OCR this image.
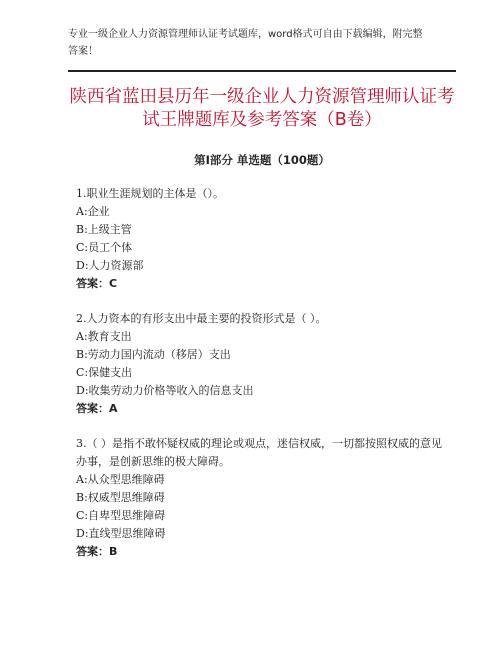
专业一级企业人力资源管理师认证考试题库，word格式可自由下载编辑，附完整答案！

陕西省蓝田县历年一级企业人力资源管理师认证考试王牌题库及参考答案（B卷）
第I部分 单选题（100题）

1.职业生涯规划的主体是（）。

A:企业

B:上级主管

C:员工个体

D:人力资源部

答案：C

2.人力资本的有形支出中最主要的投资形式是（ ）。

A:教育支出

B:劳动力国内流动（移居）支出

C:保健支出

D:收集劳动力价格等收入的信息支出

答案：A

3.（ ）是指不敢怀疑权威的理论或观点，迷信权威，一切都按照权威的意见办事，是创新思维的极大障碍。

A:从众型思维障碍

B:权威型思维障碍

C:自卑型思维障碍

D:直线型思维障碍

答案：B
